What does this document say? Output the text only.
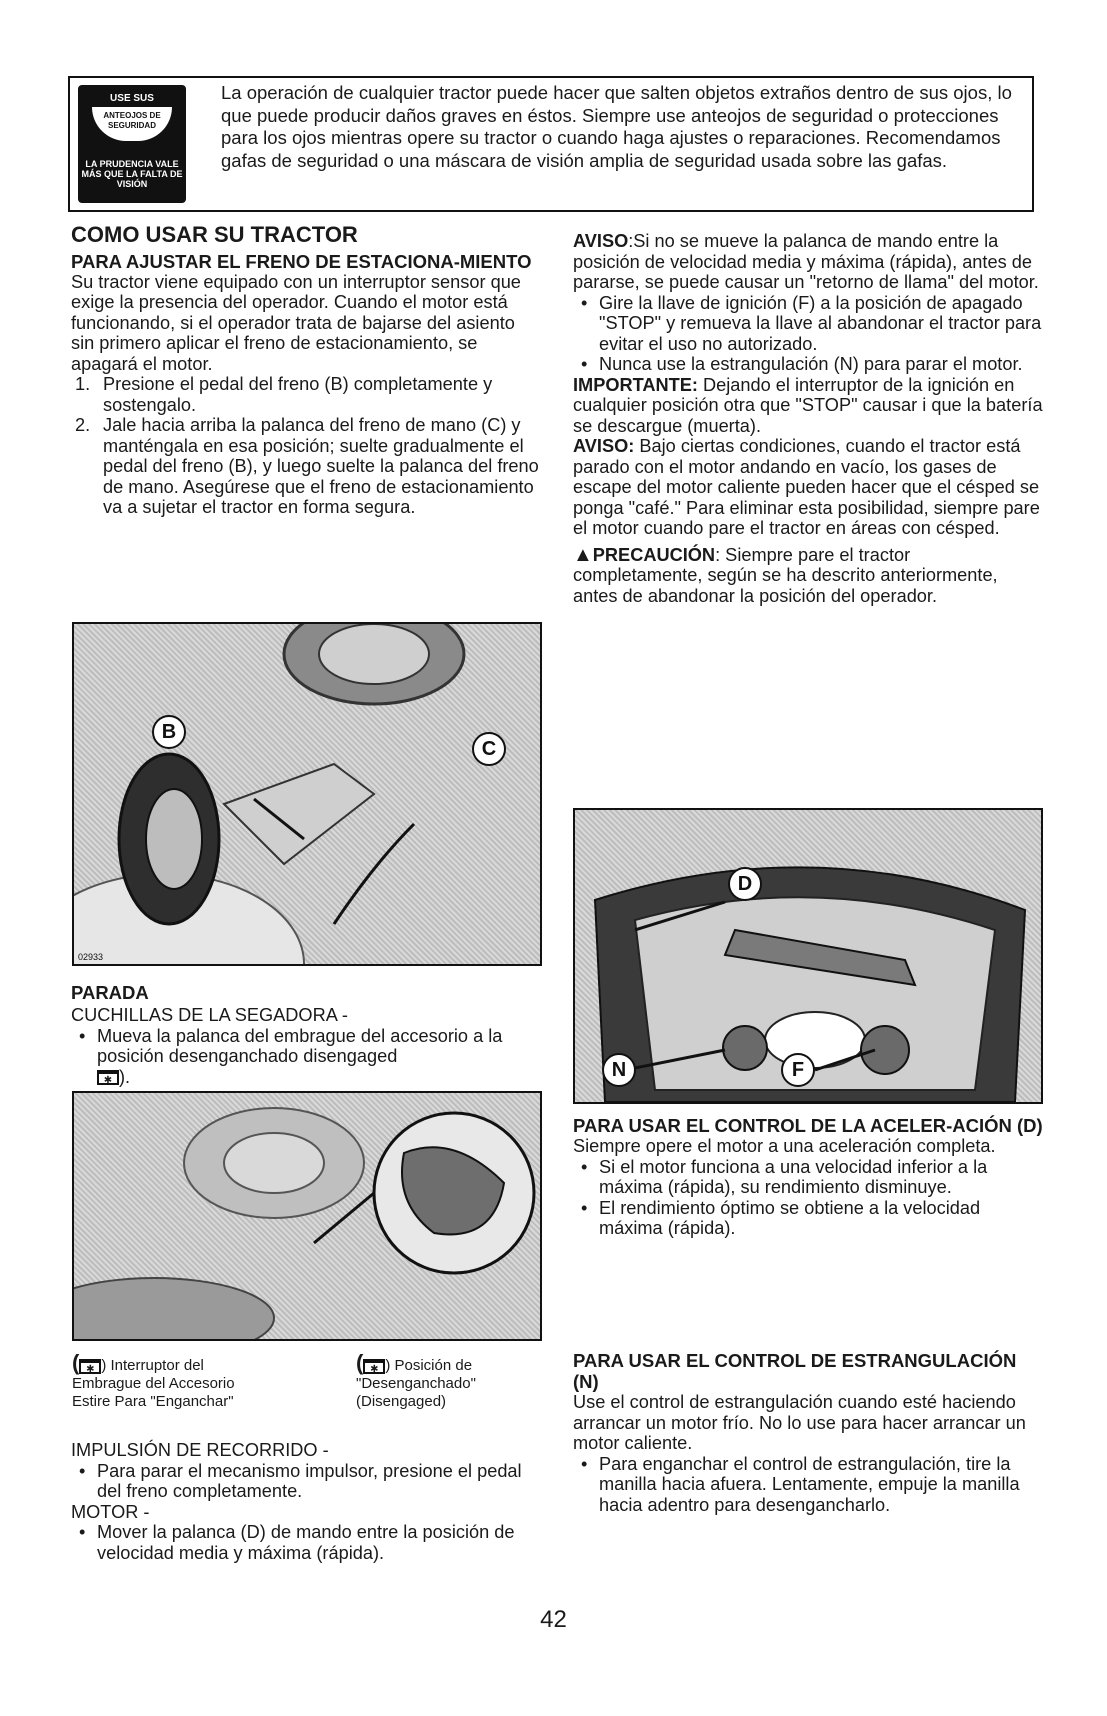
USE SUS
ANTEOJOS DE SEGURIDAD
LA PRUDENCIA VALE MÁS QUE LA FALTA DE VISIÓN
La operación de cualquier tractor puede hacer que salten objetos extraños dentro de sus ojos, lo que puede producir daños graves en éstos. Siempre use anteojos de seguridad o protecciones para los ojos mientras opere su tractor o cuando haga ajustes o reparaciones. Recomendamos gafas de seguridad o una máscara de visión amplia de seguridad usada sobre las gafas.
COMO USAR SU TRACTOR
PARA AJUSTAR EL FRENO DE ESTACIONA-MIENTO

Su tractor viene equipado con un interruptor sensor que exige la presencia del operador. Cuando el motor está funcionando, si el operador trata de bajarse del asiento sin primero aplicar el freno de estacionamiento, se apagará el motor.

1. Presione el pedal del freno (B) completamente y sostengalo.
2. Jale hacia arriba la palanca del freno de mano (C) y manténgala en esa posición; suelte gradualmente el pedal del freno (B), y luego suelte la palanca del freno de mano. Asegúrese que el freno de estacionamiento va a sujetar el tractor en forma segura.
02933
B
C
PARADA

CUCHILLAS DE LA SEGADORA -

• Mueva la palanca del embrague del accesorio a la posición desenganchado disengaged
✱ ).
( ✱ ) Interruptor del
Embrague del Accesorio
Estire Para "Enganchar"
( ✱ ) Posición de
"Desenganchado"
(Disengaged)

IMPULSIÓN DE RECORRIDO -

• Para parar el mecanismo impulsor, presione el pedal del freno completamente.

MOTOR -

• Mover la palanca (D) de mando entre la posición de velocidad media y máxima (rápida).

AVISO:Si no se mueve la palanca de mando entre la posición de velocidad media y máxima (rápida), antes de pararse, se puede causar un "retorno de llama" del motor.

• Gire la llave de ignición (F) a la posición de apagado "STOP" y remueva la llave al abandonar el tractor para evitar el uso no autorizado.
• Nunca use la estrangulación (N) para parar el motor.

IMPORTANTE: Dejando el interruptor de la ignición en cualquier posición otra que "STOP" causar i que la batería se descargue (muerta).

AVISO: Bajo ciertas condiciones, cuando el tractor está parado con el motor andando en vacío, los gases de escape del motor caliente pueden hacer que el césped se ponga "café." Para eliminar esta posibilidad, siempre pare el motor cuando pare el tractor en áreas con césped.

▲PRECAUCIÓN: Siempre pare el tractor completamente, según se ha descrito anteriormente, antes de abandonar la posición del operador.

D
N	F
PARA USAR EL CONTROL DE LA ACELER-ACIÓN (D)

Siempre opere el motor a una aceleración completa.

• Si el motor funciona a una velocidad inferior a la máxima (rápida), su rendimiento disminuye.
• El rendimiento óptimo se obtiene a la velocidad máxima (rápida).
PARA USAR EL CONTROL DE ESTRANGULACIÓN (N)

Use el control de estrangulación cuando esté haciendo arrancar un motor frío. No lo use para hacer arrancar un motor caliente.

• Para enganchar el control de estrangulación, tire la manilla hacia afuera. Lentamente, empuje la manilla hacia adentro para desengancharlo.
42
